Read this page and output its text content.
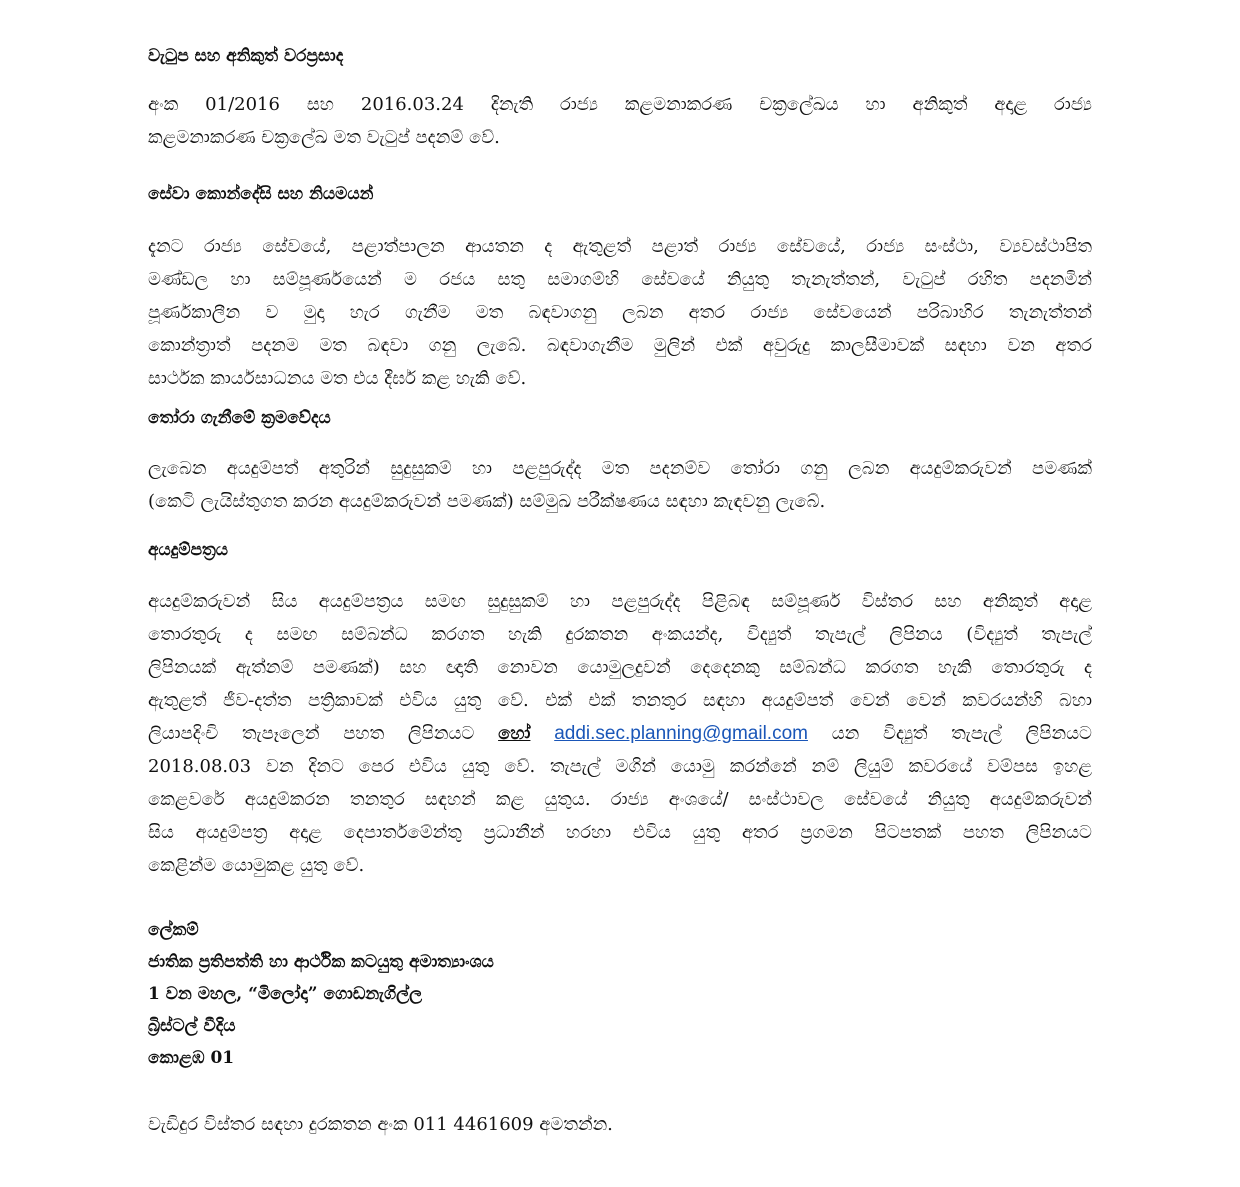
වැටුප සහ අනිකුත් වරප්‍රසාද
අංක 01/2016 සහ 2016.03.24 දිනැති රාජ්‍ය කළමනාකරණ චක්‍රලේඛය හා අනිකුත් අදාළ රාජ්‍ය
කළමනාකරණ චක්‍රලේඛ මත වැටුප් පදනම් වේ.
සේවා කොන්දේසි සහ නියමයන්
දැනට රාජ්‍ය සේවයේ, පළාත්පාලන ආයතන ද ඇතුළත් පළාත් රාජ්‍ය සේවයේ, රාජ්‍ය සංස්ථා, ව්‍යවස්ථාපිත
මණ්ඩල හා සම්පූර්ණයෙන් ම රජය සතු සමාගම්හි සේවයේ නියුතු තැනැත්තන්, වැටුප් රහිත පදනමින්
පූර්ණකාලීන ව මුදා හැර ගැනීම මත බඳවාගනු ලබන අතර රාජ්‍ය සේවයෙන් පරිබාහිර තැනැත්තන්
කොන්ත්‍රාත් පදනම මත බඳවා ගනු ලැබේ. බඳවාගැනීම මුලින් එක් අවුරුදු කාලසීමාවක් සඳහා වන අතර
සාර්ථක කාර්යසාධනය මත එය දීර්ඝ කළ හැකි වේ.
තෝරා ගැනීමේ ක්‍රමවේදය
ලැබෙන අයදුම්පත් අතුරින් සුදුසුකම් හා පළපුරුද්ද මත පදනම්ව තෝරා ගනු ලබන අයදුම්කරුවන් පමණක්
(කෙටි ලැයිස්තුගත කරන අයදුම්කරුවන් පමණක්) සම්මුඛ පරීක්ෂණය සඳහා කැඳවනු ලැබේ.
අයදුම්පත්‍රය
අයදුම්කරුවන් සිය අයදුම්පත්‍රය සමඟ සුදුසුකම් හා පළපුරුද්ද පිළිබඳ සම්පූර්ණ විස්තර සහ අනිකුත් අදාළ
තොරතුරු ද සමඟ සම්බන්ධ කරගත හැකි දුරකතන අංකයන්ද, විද්‍යුත් තැපැල් ලිපිනය (විද්‍යුත් තැපැල්
ලිපිනයක් ඇත්නම් පමණක්) සහ ඥාති නොවන යොමුලදුවන් දෙදෙනකු සම්බන්ධ කරගත හැකි තොරතුරු ද
ඇතුළත් ජීව-දත්ත පත්‍රිකාවක් එවිය යුතු වේ. එක් එක් තනතුර සඳහා අයදුම්පත් වෙන් වෙන් කවරයන්හි බහා
ලියාපදිංචි තැපෑලෙන් පහත ලිපිනයට හෝ addi.sec.planning@gmail.com යන විද්‍යුත් තැපැල් ලිපිනයට
2018.08.03 වන දිනට පෙර එවිය යුතු වේ. තැපැල් මගින් යොමු කරන්නේ නම් ලියුම් කවරයේ වම්පස ඉහළ
කෙළවරේ අයදුම්කරන තනතුර සඳහන් කළ යුතුය. රාජ්‍ය අංශයේ/ සංස්ථාවල සේවයේ නියුතු අයදුම්කරුවන්
සිය අයදුම්පත්‍ර අදාළ දෙපාර්තමේන්තු ප්‍රධානීන් හරහා එවිය යුතු අතර ප්‍රගමන පිටපතක් පහත ලිපිනයට
කෙළින්ම යොමුකළ යුතු වේ.
ලේකම්
ජාතික ප්‍රතිපත්ති හා ආර්ථික කටයුතු අමාත්‍යාංශය
1 වන මහල, “මිලෝදා” ගොඩනැගිල්ල
බ්‍රිස්ටල් වීදිය
කොළඹ 01
වැඩිදුර විස්තර සඳහා දුරකතන අංක 011 4461609 අමතන්න.
